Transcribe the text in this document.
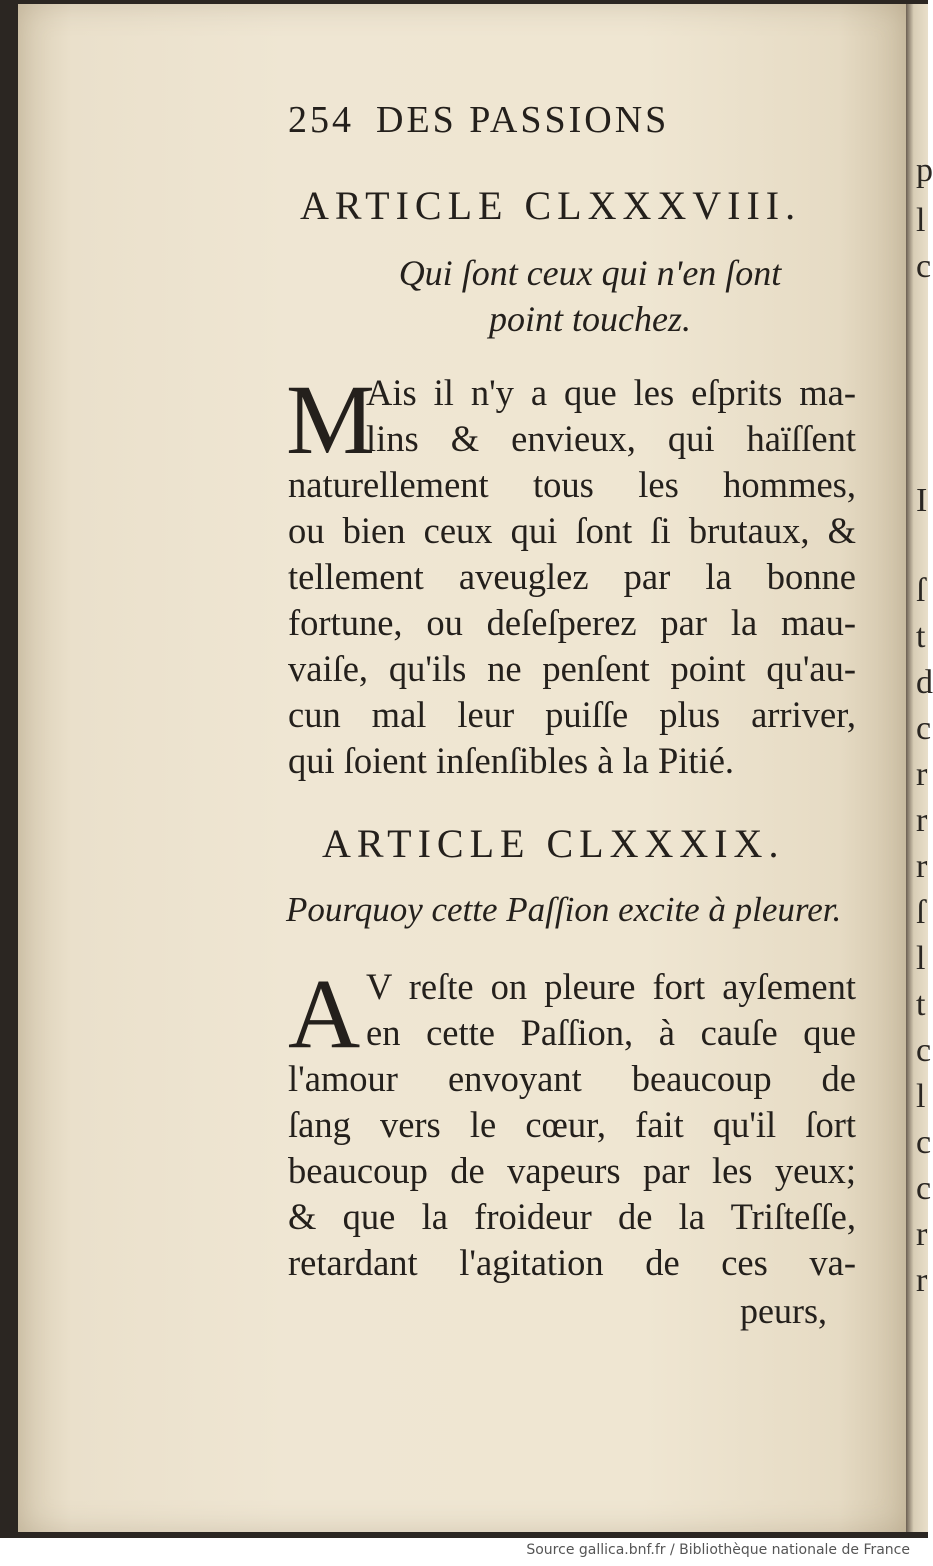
p
l
c
I
ſ
t
d
c
r
r
r
ſ
l
t
c
l
c
c
r
r
254 DES PASSIONS
ARTICLE CLXXXVIII.
Qui ſont ceux qui n'en ſont
point touchez.
M
Ais il n'y a que les eſprits ma-
lins & envieux, qui haïſſent
naturellement tous les hommes,
ou bien ceux qui ſont ſi brutaux, &
tellement aveuglez par la bonne
fortune, ou deſeſperez par la mau-
vaiſe, qu'ils ne penſent point qu'au-
cun mal leur puiſſe plus arriver,
qui ſoient inſenſibles à la Pitié.
ARTICLE CLXXXIX.
Pourquoy cette Paſſion excite à pleurer.
A V reſte on pleure fort ayſement
en cette Paſſion, à cauſe que
l'amour envoyant beaucoup de
ſang vers le cœur, fait qu'il ſort
beaucoup de vapeurs par les yeux;
& que la froideur de la Triſteſſe,
retardant l'agitation de ces va-
peurs,
Source gallica.bnf.fr / Bibliothèque nationale de France
